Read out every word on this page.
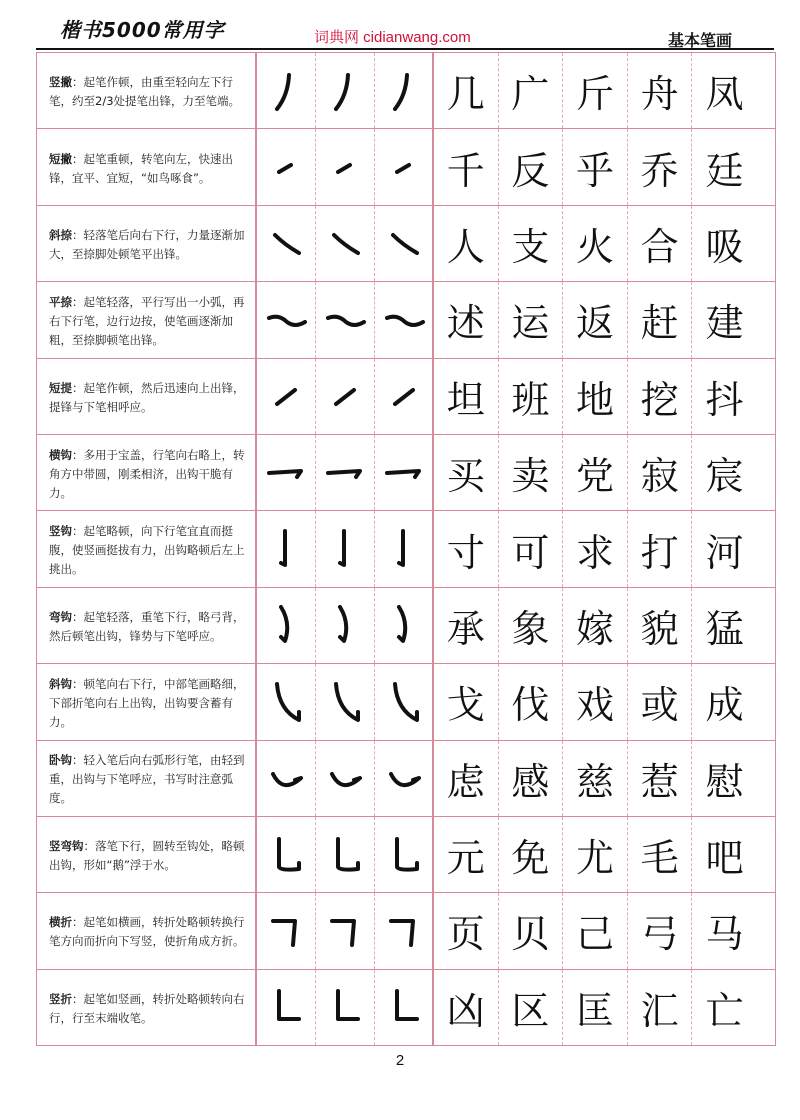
楷书5000常用字	词典网 cidianwang.com	基本笔画
竖撇：起笔作顿，由重至轻向左下行笔，约至2/3处提笔出锋，力至笔端。	几 广 斤 舟 凤
短撇：起笔重顿，转笔向左，快速出锋，宜平、宜短，“如鸟啄食”。	千 反 乎 乔 廷
斜捺：轻落笔后向右下行，力量逐渐加大，至捺脚处顿笔平出锋。	人 支 火 合 吸
平捺：起笔轻落，平行写出一小弧，再右下行笔，边行边按，使笔画逐渐加粗，至捺脚顿笔出锋。	述 运 返 赶 建
短提：起笔作顿，然后迅速向上出锋，提锋与下笔相呼应。	坦 班 地 挖 抖
横钩：多用于宝盖，行笔向右略上，转角方中带圆，刚柔相济，出钩干脆有力。	买 卖 党 寂 宸
竖钩：起笔略顿，向下行笔宜直而挺腹，使竖画挺拔有力，出钩略顿后左上挑出。	寸 可 求 打 河
弯钩：起笔轻落，重笔下行，略弓背，然后顿笔出钩，锋势与下笔呼应。	承 象 嫁 貌 猛
斜钩：顿笔向右下行，中部笔画略细，下部折笔向右上出钩，出钩要含蓄有力。	戈 伐 戏 或 成
卧钩：轻入笔后向右弧形行笔，由轻到重，出钩与下笔呼应，书写时注意弧度。	虑 感 慈 惹 慰
竖弯钩：落笔下行，圆转至钩处，略顿出钩，形如“鹅”浮于水。	元 免 尤 毛 吧
横折：起笔如横画，转折处略顿转换行笔方向而折向下写竖，使折角成方折。	页 贝 己 弓 马
竖折：起笔如竖画，转折处略顿转向右行，行至末端收笔。	凶 区 匡 汇 亡
2
